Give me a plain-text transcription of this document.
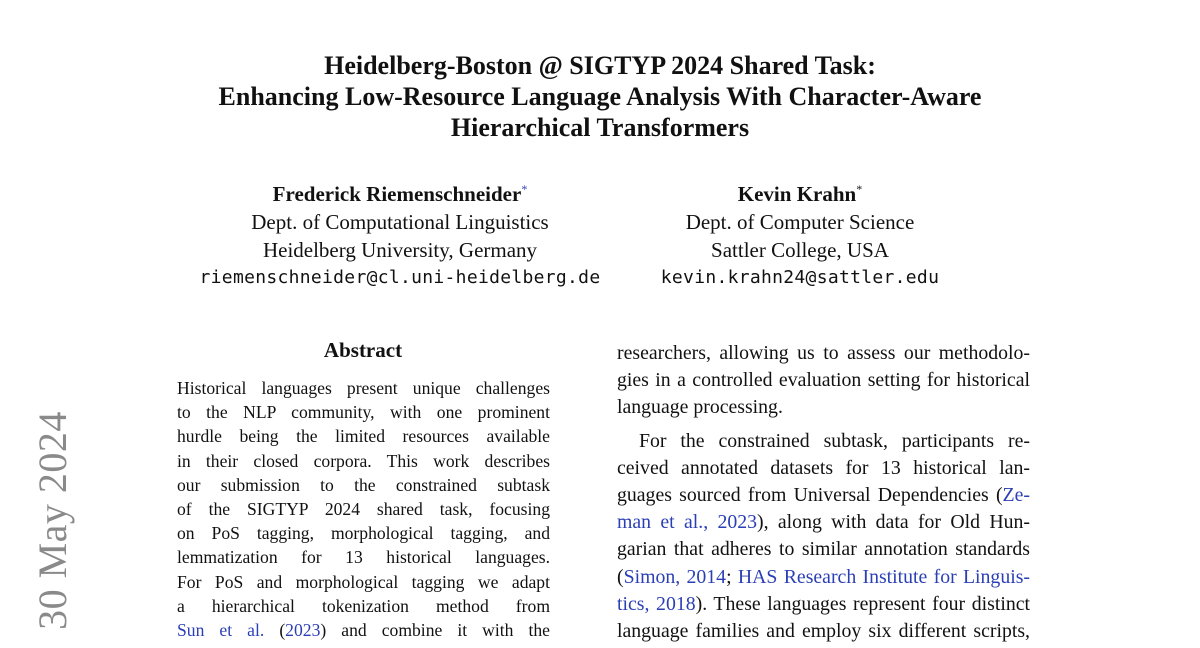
Heidelberg-Boston @ SIGTYP 2024 Shared Task:
Enhancing Low-Resource Language Analysis With Character-Aware
Hierarchical Transformers
Frederick Riemenschneider*
Dept. of Computational Linguistics
Heidelberg University, Germany
riemenschneider@cl.uni-heidelberg.de
Kevin Krahn*
Dept. of Computer Science
Sattler College, USA
kevin.krahn24@sattler.edu
30 May 2024
Abstract
Historical languages present unique challenges
to the NLP community, with one prominent
hurdle being the limited resources available
in their closed corpora. This work describes
our submission to the constrained subtask
of the SIGTYP 2024 shared task, focusing
on PoS tagging, morphological tagging, and
lemmatization for 13 historical languages.
For PoS and morphological tagging we adapt
a hierarchical tokenization method from
Sun et al. (2023) and combine it with the
researchers, allowing us to assess our methodolo-
gies in a controlled evaluation setting for historical
language processing.
For the constrained subtask, participants re-
ceived annotated datasets for 13 historical lan-
guages sourced from Universal Dependencies (Ze-
man et al., 2023), along with data for Old Hun-
garian that adheres to similar annotation standards
(Simon, 2014; HAS Research Institute for Linguis-
tics, 2018). These languages represent four distinct
language families and employ six different scripts,
